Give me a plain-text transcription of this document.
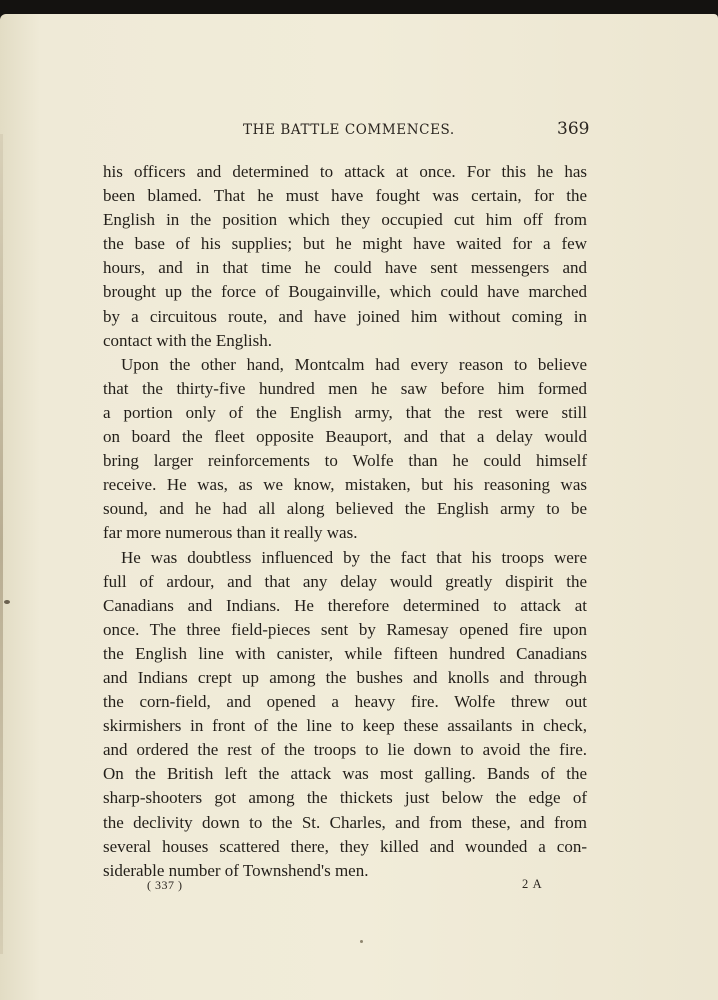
THE BATTLE COMMENCES.	369
his officers and determined to attack at once. For this he has
been blamed. That he must have fought was certain, for the
English in the position which they occupied cut him off from
the base of his supplies; but he might have waited for a few
hours, and in that time he could have sent messengers and
brought up the force of Bougainville, which could have marched
by a circuitous route, and have joined him without coming in
contact with the English.
Upon the other hand, Montcalm had every reason to believe
that the thirty-five hundred men he saw before him formed
a portion only of the English army, that the rest were still
on board the fleet opposite Beauport, and that a delay would
bring larger reinforcements to Wolfe than he could himself
receive. He was, as we know, mistaken, but his reasoning was
sound, and he had all along believed the English army to be
far more numerous than it really was.
He was doubtless influenced by the fact that his troops were
full of ardour, and that any delay would greatly dispirit the
Canadians and Indians. He therefore determined to attack at
once. The three field-pieces sent by Ramesay opened fire upon
the English line with canister, while fifteen hundred Canadians
and Indians crept up among the bushes and knolls and through
the corn-field, and opened a heavy fire. Wolfe threw out
skirmishers in front of the line to keep these assailants in check,
and ordered the rest of the troops to lie down to avoid the fire.
On the British left the attack was most galling. Bands of the
sharp-shooters got among the thickets just below the edge of
the declivity down to the St. Charles, and from these, and from
several houses scattered there, they killed and wounded a con-
siderable number of Townshend's men.
( 337 )	2 A
